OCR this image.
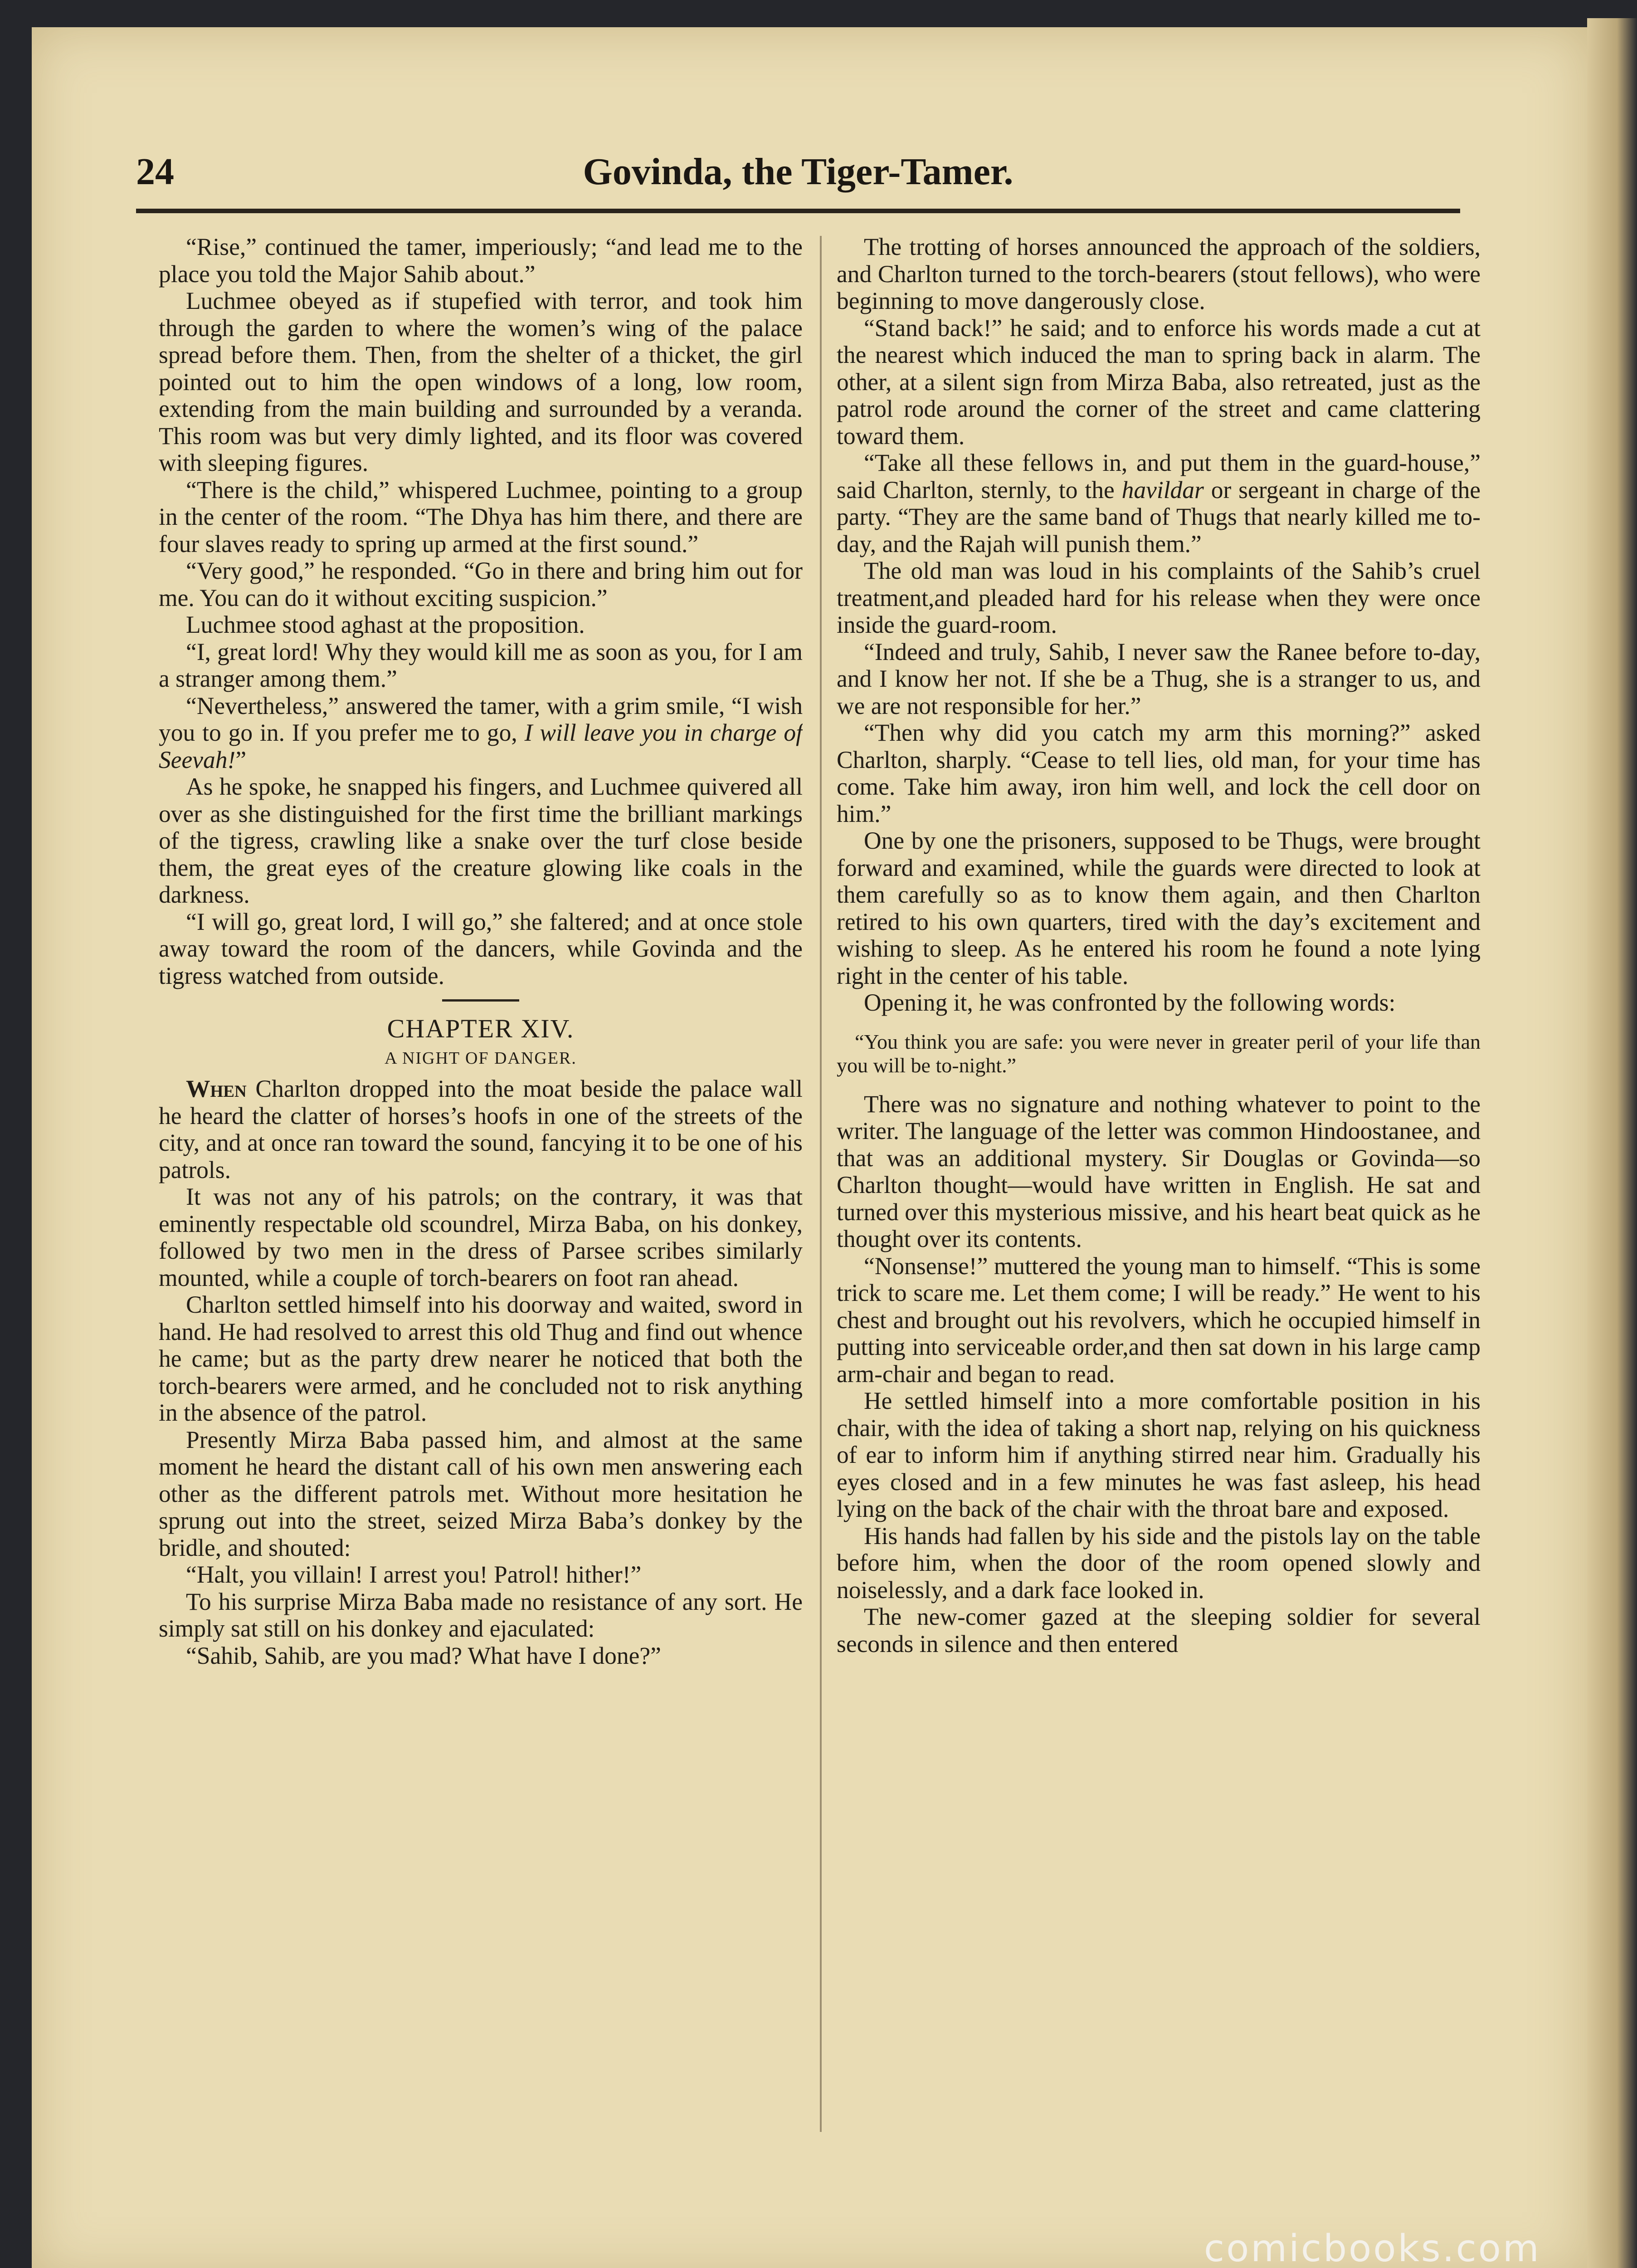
24	Govinda, the Tiger-Tamer.

“Rise,” continued the tamer, imperiously; “and lead me to the place you told the Major Sahib about.”

Luchmee obeyed as if stupefied with terror, and took him through the garden to where the women’s wing of the palace spread before them. Then, from the shelter of a thicket, the girl pointed out to him the open windows of a long, low room, extending from the main building and surrounded by a veranda. This room was but very dimly lighted, and its floor was covered with sleeping figures.

“There is the child,” whispered Luchmee, pointing to a group in the center of the room. “The Dhya has him there, and there are four slaves ready to spring up armed at the first sound.”

“Very good,” he responded. “Go in there and bring him out for me. You can do it without exciting suspicion.”

Luchmee stood aghast at the proposition.

“I, great lord! Why they would kill me as soon as you, for I am a stranger among them.”

“Nevertheless,” answered the tamer, with a grim smile, “I wish you to go in. If you prefer me to go, I will leave you in charge of Seevah!”

As he spoke, he snapped his fingers, and Luchmee quivered all over as she distinguished for the first time the brilliant markings of the tigress, crawling like a snake over the turf close beside them, the great eyes of the creature glowing like coals in the darkness.

“I will go, great lord, I will go,” she faltered; and at once stole away toward the room of the dancers, while Govinda and the tigress watched from outside.

CHAPTER XIV.
A NIGHT OF DANGER.

When Charlton dropped into the moat beside the palace wall he heard the clatter of horses’s hoofs in one of the streets of the city, and at once ran toward the sound, fancying it to be one of his patrols.

It was not any of his patrols; on the contrary, it was that eminently respectable old scoundrel, Mirza Baba, on his donkey, followed by two men in the dress of Parsee scribes similarly mounted, while a couple of torch-bearers on foot ran ahead.

Charlton settled himself into his doorway and waited, sword in hand. He had resolved to arrest this old Thug and find out whence he came; but as the party drew nearer he noticed that both the torch-bearers were armed, and he concluded not to risk anything in the absence of the patrol.

Presently Mirza Baba passed him, and almost at the same moment he heard the distant call of his own men answering each other as the different patrols met. Without more hesitation he sprung out into the street, seized Mirza Baba’s donkey by the bridle, and shouted:

“Halt, you villain! I arrest you! Patrol! hither!”

To his surprise Mirza Baba made no resistance of any sort. He simply sat still on his donkey and ejaculated:

“Sahib, Sahib, are you mad? What have I done?”

The trotting of horses announced the approach of the soldiers, and Charlton turned to the torch-bearers (stout fellows), who were beginning to move dangerously close.

“Stand back!” he said; and to enforce his words made a cut at the nearest which induced the man to spring back in alarm. The other, at a silent sign from Mirza Baba, also retreated, just as the patrol rode around the corner of the street and came clattering toward them.

“Take all these fellows in, and put them in the guard-house,” said Charlton, sternly, to the havildar or sergeant in charge of the party. “They are the same band of Thugs that nearly killed me to-day, and the Rajah will punish them.”

The old man was loud in his complaints of the Sahib’s cruel treatment,and pleaded hard for his release when they were once inside the guard-room.

“Indeed and truly, Sahib, I never saw the Ranee before to-day, and I know her not. If she be a Thug, she is a stranger to us, and we are not responsible for her.”

“Then why did you catch my arm this morning?” asked Charlton, sharply. “Cease to tell lies, old man, for your time has come. Take him away, iron him well, and lock the cell door on him.”

One by one the prisoners, supposed to be Thugs, were brought forward and examined, while the guards were directed to look at them carefully so as to know them again, and then Charlton retired to his own quarters, tired with the day’s excitement and wishing to sleep. As he entered his room he found a note lying right in the center of his table.

Opening it, he was confronted by the following words:

“You think you are safe: you were never in greater peril of your life than you will be to-night.”

There was no signature and nothing whatever to point to the writer. The language of the letter was common Hindoostanee, and that was an additional mystery. Sir Douglas or Govinda—so Charlton thought—would have written in English. He sat and turned over this mysterious missive, and his heart beat quick as he thought over its contents.

“Nonsense!” muttered the young man to himself. “This is some trick to scare me. Let them come; I will be ready.” He went to his chest and brought out his revolvers, which he occupied himself in putting into serviceable order,and then sat down in his large camp arm-chair and began to read.

He settled himself into a more comfortable position in his chair, with the idea of taking a short nap, relying on his quickness of ear to inform him if anything stirred near him. Gradually his eyes closed and in a few minutes he was fast asleep, his head lying on the back of the chair with the throat bare and exposed.

His hands had fallen by his side and the pistols lay on the table before him, when the door of the room opened slowly and noiselessly, and a dark face looked in.

The new-comer gazed at the sleeping soldier for several seconds in silence and then entered

comicbooks.com
